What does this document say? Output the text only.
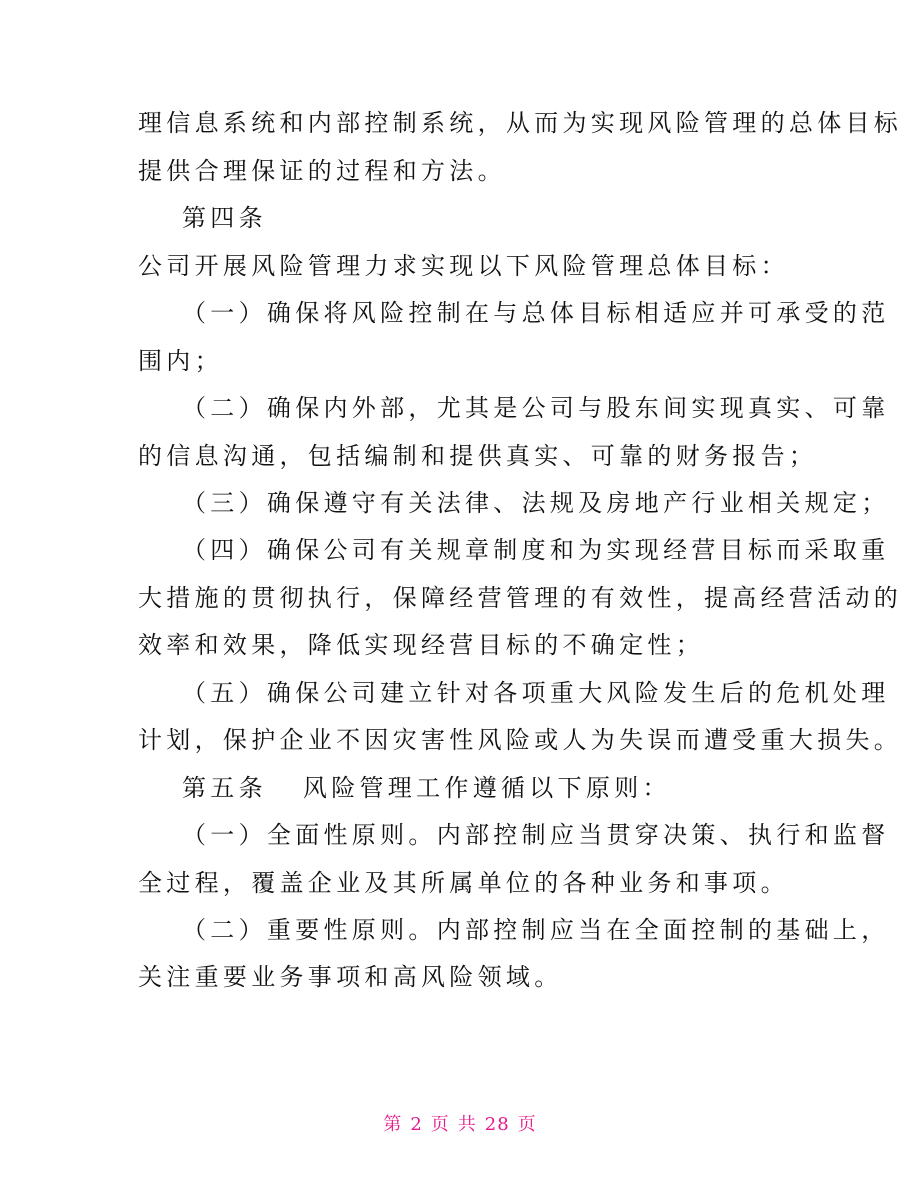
理信息系统和内部控制系统，从而为实现风险管理的总体目标
提供合理保证的过程和方法。
第四条
公司开展风险管理力求实现以下风险管理总体目标：
（一）确保将风险控制在与总体目标相适应并可承受的范
围内；
（二）确保内外部，尤其是公司与股东间实现真实、可靠
的信息沟通，包括编制和提供真实、可靠的财务报告；
（三）确保遵守有关法律、法规及房地产行业相关规定；
（四）确保公司有关规章制度和为实现经营目标而采取重
大措施的贯彻执行，保障经营管理的有效性，提高经营活动的
效率和效果，降低实现经营目标的不确定性；
（五）确保公司建立针对各项重大风险发生后的危机处理
计划，保护企业不因灾害性风险或人为失误而遭受重大损失。
第五条 风险管理工作遵循以下原则：
（一）全面性原则。内部控制应当贯穿决策、执行和监督
全过程，覆盖企业及其所属单位的各种业务和事项。
（二）重要性原则。内部控制应当在全面控制的基础上，
关注重要业务事项和高风险领域。
第 2 页 共 28 页
